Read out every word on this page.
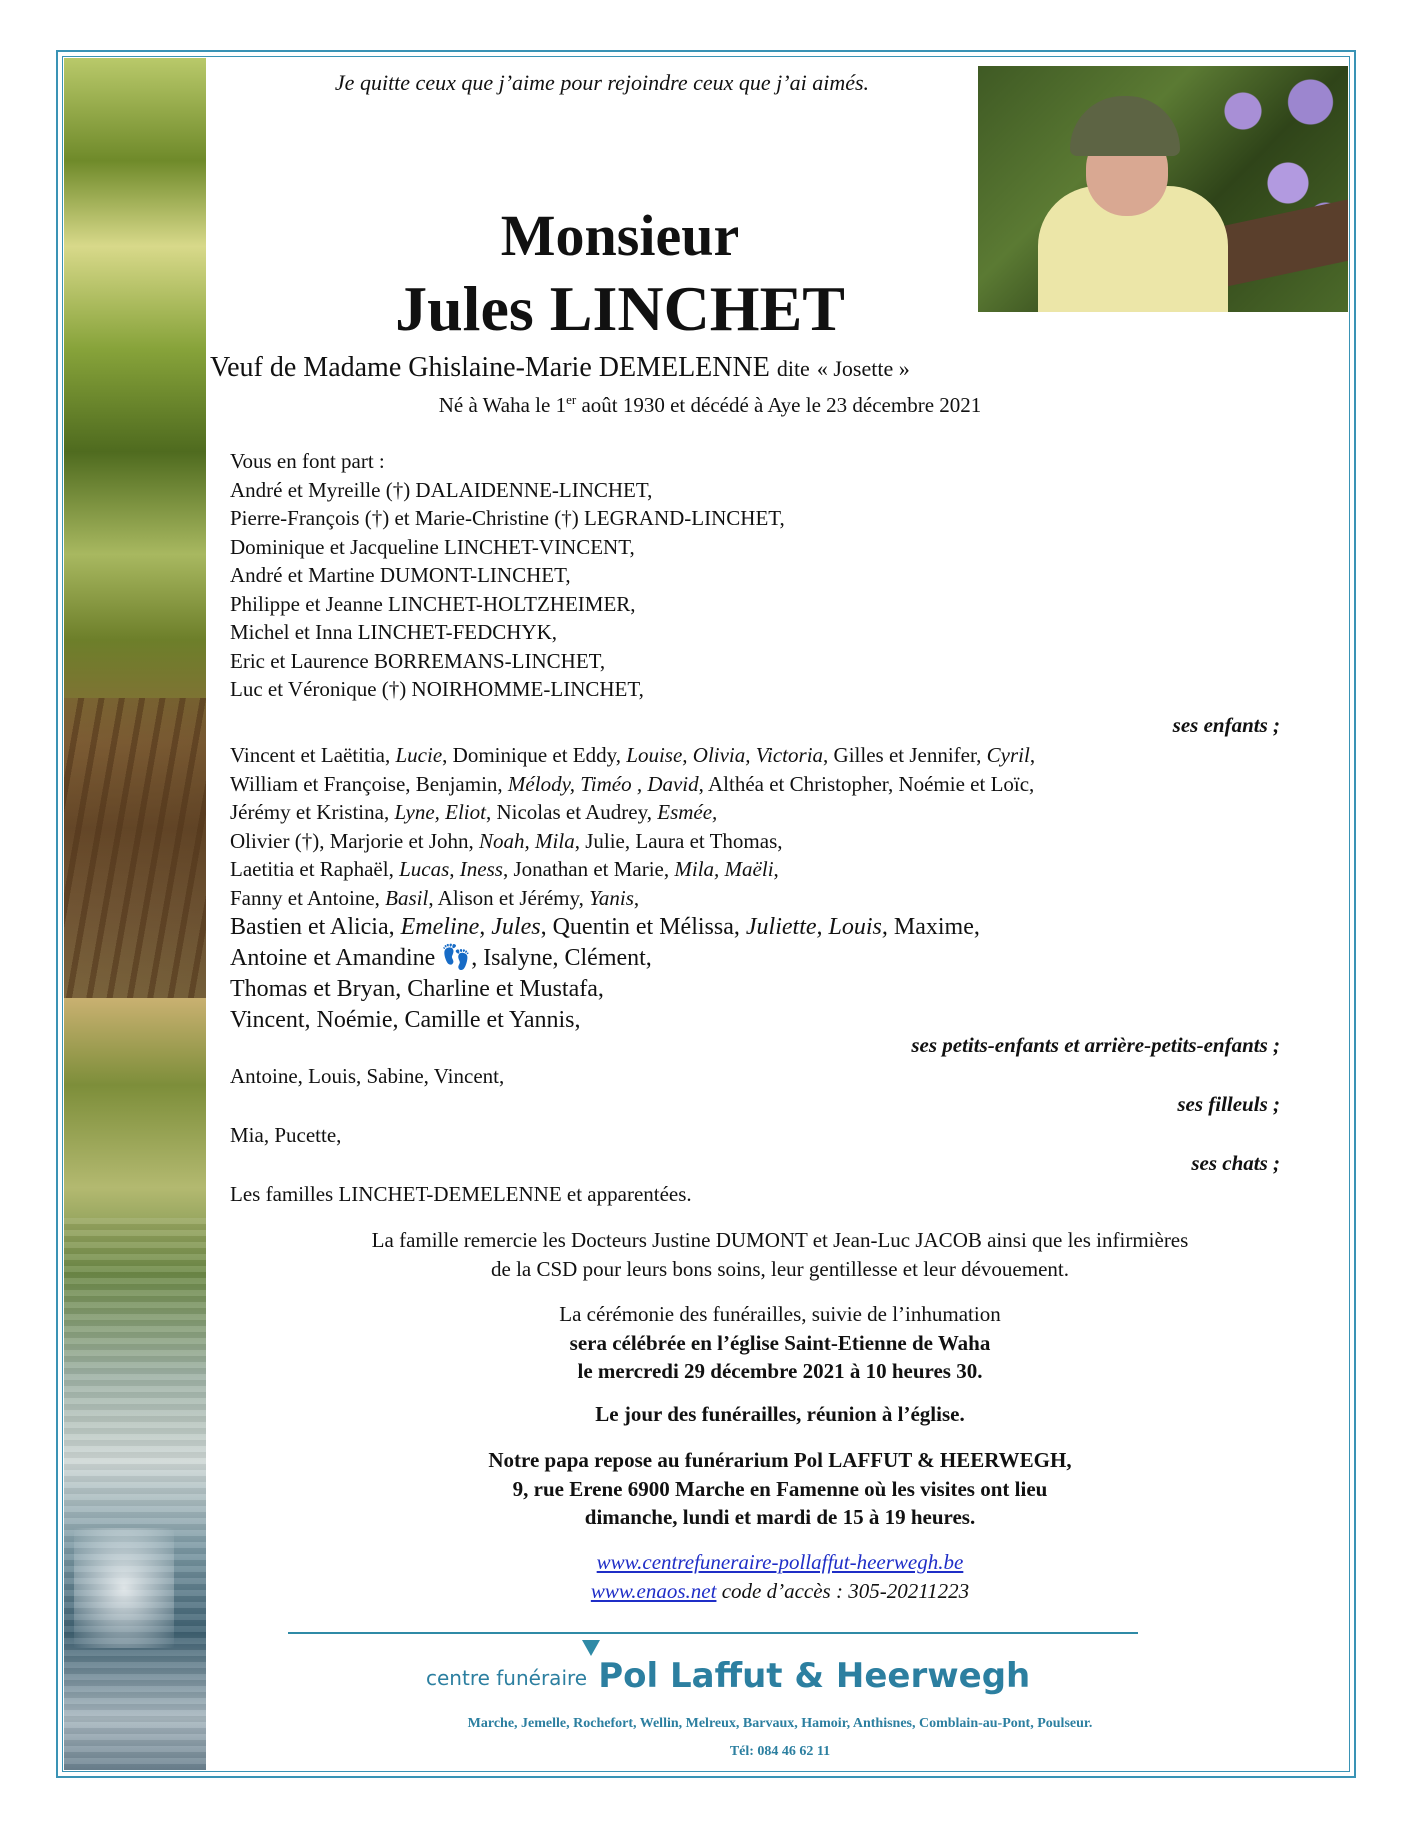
Je quitte ceux que j’aime pour rejoindre ceux que j’ai aimés.
Monsieur
Jules LINCHET
Veuf de Madame Ghislaine-Marie DEMELENNE dite « Josette »
Né à Waha le 1er août 1930 et décédé à Aye le 23 décembre 2021
Vous en font part :
André et Myreille (†) DALAIDENNE-LINCHET,
Pierre-François (†) et Marie-Christine (†) LEGRAND-LINCHET,
Dominique et Jacqueline LINCHET-VINCENT,
André et Martine DUMONT-LINCHET,
Philippe et Jeanne LINCHET-HOLTZHEIMER,
Michel et Inna LINCHET-FEDCHYK,
Eric et Laurence BORREMANS-LINCHET,
Luc et Véronique (†) NOIRHOMME-LINCHET,
ses enfants ;
Vincent et Laëtitia, Lucie, Dominique et Eddy, Louise, Olivia, Victoria, Gilles et Jennifer, Cyril,
William et Françoise, Benjamin, Mélody, Timéo , David, Althéa et Christopher, Noémie et Loïc,
Jérémy et Kristina, Lyne, Eliot, Nicolas et Audrey, Esmée,
Olivier (†), Marjorie et John, Noah, Mila, Julie, Laura et Thomas,
Laetitia et Raphaël, Lucas, Iness, Jonathan et Marie, Mila, Maëli,
Fanny et Antoine, Basil, Alison et Jérémy, Yanis,
Bastien et Alicia, Emeline, Jules, Quentin et Mélissa, Juliette, Louis, Maxime,
Antoine et Amandine 👣, Isalyne, Clément,
Thomas et Bryan, Charline et Mustafa,
Vincent, Noémie, Camille et Yannis,
ses petits-enfants et arrière-petits-enfants ;
Antoine, Louis, Sabine, Vincent,
ses filleuls ;
Mia, Pucette,
ses chats ;
Les familles LINCHET-DEMELENNE et apparentées.
La famille remercie les Docteurs Justine DUMONT et Jean-Luc JACOB ainsi que les infirmières
de la CSD pour leurs bons soins, leur gentillesse et leur dévouement.
La cérémonie des funérailles, suivie de l’inhumation
sera célébrée en l’église Saint-Etienne de Waha
le mercredi 29 décembre 2021 à 10 heures 30.
Le jour des funérailles, réunion à l’église.
Notre papa repose au funérarium Pol LAFFUT & HEERWEGH,
9, rue Erene 6900 Marche en Famenne où les visites ont lieu
dimanche, lundi et mardi de 15 à 19 heures.
www.centrefuneraire-pollaffut-heerwegh.be
www.enaos.net code d’accès : 305-20211223
centre funéraire Pol Laffut & Heerwegh
Marche, Jemelle, Rochefort, Wellin, Melreux, Barvaux, Hamoir, Anthisnes, Comblain-au-Pont, Poulseur.
Tél: 084 46 62 11
